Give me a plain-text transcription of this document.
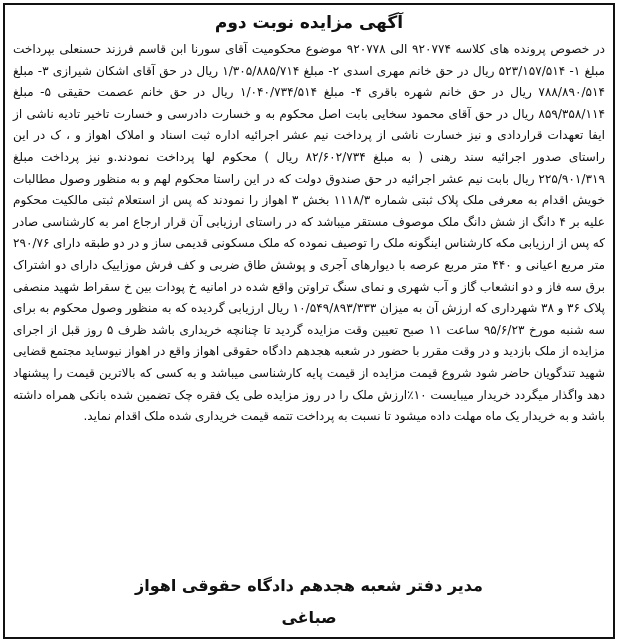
آگهی مزایده نوبت دوم
در خصوص پرونده های کلاسه ۹۲۰۷۷۴ الی ۹۲۰۷۷۸ موضوع محکومیت آقای سورنا ابن قاسم فرزند حسنعلی بپرداخت مبلغ ۱- ۵۲۳/۱۵۷/۵۱۴ ریال در حق خانم مهری اسدی ۲- مبلغ ۱/۳۰۵/۸۸۵/۷۱۴ ریال در حق آقای اشکان شیرازی ۳- مبلغ ۷۸۸/۸۹۰/۵۱۴ ریال در حق خانم شهره باقری ۴- مبلغ ۱/۰۴۰/۷۳۴/۵۱۴ ریال در حق خانم عصمت حقیقی ۵- مبلغ ۸۵۹/۳۵۸/۱۱۴ ریال در حق آقای محمود سخایی بابت اصل محکوم به و خسارت دادرسی و خسارت تاخیر تادیه ناشی از ایفا تعهدات قراردادی و نیز خسارت ناشی از پرداخت نیم عشر اجرائیه اداره ثبت اسناد و املاک اهواز و ، ک در این راستای صدور اجرائیه سند رهنی ( به مبلغ ۸۲/۶۰۲/۷۳۴ ریال ) محکوم لها پرداخت نمودند.و نیز پرداخت مبلغ ۲۲۵/۹۰۱/۳۱۹ ریال بابت نیم عشر اجرائیه در حق صندوق دولت که در این راستا محکوم لهم و به منظور وصول مطالبات خویش اقدام به معرفی ملک پلاک ثبتی شماره ۱۱۱۸/۳ بخش ۳ اهواز را نمودند که پس از استعلام ثبتی مالکیت محکوم علیه بر ۴ دانگ از شش دانگ ملک موصوف مستقر میباشد که در راستای ارزیابی آن قرار ارجاع امر به کارشناسی صادر که پس از ارزیابی مکه کارشناس اینگونه ملک را توصیف نموده که ملک مسکونی قدیمی ساز و در دو طبقه دارای ۲۹۰/۷۶ متر مربع اعیانی و ۴۴۰ متر مربع عرصه با دیوارهای آجری و پوشش طاق ضربی و کف فرش موزاییک دارای دو اشتراک برق سه فاز و دو انشعاب گاز و آب شهری و نمای سنگ تراوتن واقع شده در امانیه خ پودات بین خ سقراط شهید منصفی پلاک ۳۶ و ۳۸ شهرداری که ارزش آن به میزان ۱۰/۵۴۹/۸۹۳/۳۳۳ ریال ارزیابی گردیده که به منظور وصول محکوم به برای سه شنبه مورخ ۹۵/۶/۲۳ ساعت ۱۱ صبح تعیین وقت مزایده گردید تا چنانچه خریداری باشد ظرف ۵ روز قبل از اجرای مزایده از ملک بازدید و در وقت مقرر با حضور در شعبه هجدهم دادگاه حقوقی اهواز واقع در اهواز نیوساید مجتمع قضایی شهید تندگویان حاضر شود شروع قیمت مزایده از قیمت پایه کارشناسی میباشد و به کسی که بالاترین قیمت را پیشنهاد دهد واگذار میگردد خریدار میبایست ۱۰٪ارزش ملک را در روز مزایده طی یک فقره چک تضمین شده بانکی همراه داشته باشد و به خریدار یک ماه مهلت داده میشود تا نسبت به پرداخت تتمه قیمت خریداری شده ملک اقدام نماید.
مدیر دفتر شعبه هجدهم دادگاه حقوقی اهواز
صباغی
